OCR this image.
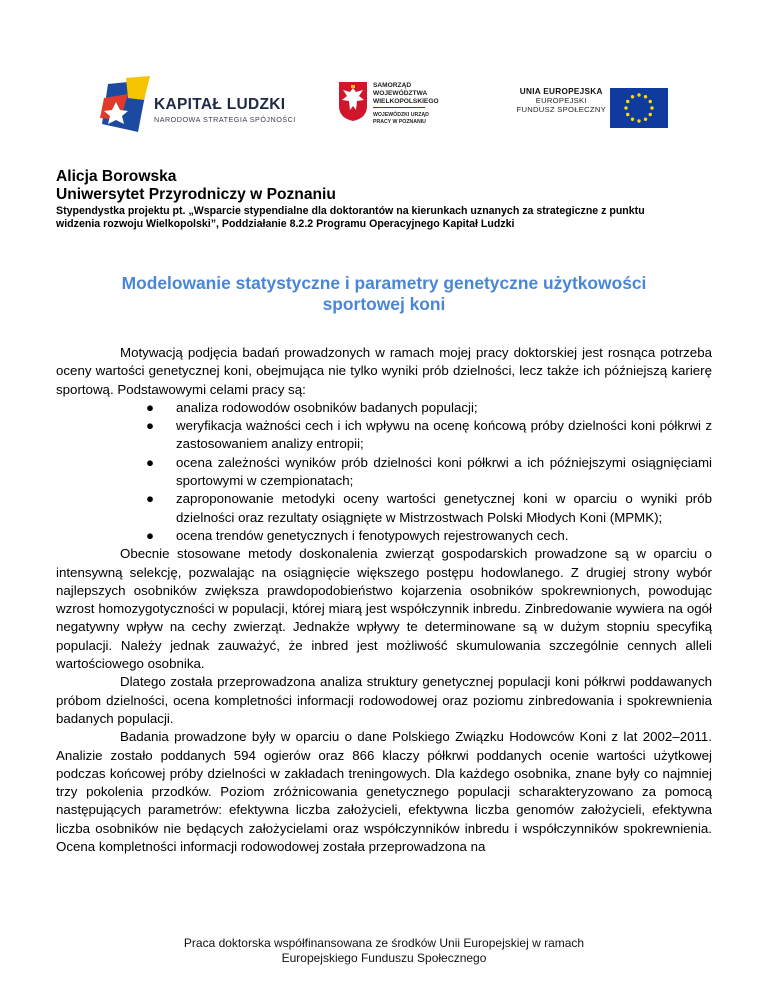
KAPITAŁ LUDZKI
NARODOWA STRATEGIA SPÓJNOŚCI
SAMORZĄD WOJEWÓDZTWA WIELKOPOLSKIEGO
WOJEWÓDZKI URZĄD PRACY W POZNANIU
UNIA EUROPEJSKA
EUROPEJSKI
FUNDUSZ SPOŁECZNY
Alicja Borowska
Uniwersytet Przyrodniczy w Poznaniu
Stypendystka projektu pt. „Wsparcie stypendialne dla doktorantów na kierunkach uznanych za strategiczne z punktu widzenia rozwoju Wielkopolski”, Poddziałanie 8.2.2 Programu Operacyjnego Kapitał Ludzki
Modelowanie statystyczne i parametry genetyczne użytkowości sportowej koni

Motywacją podjęcia badań prowadzonych w ramach mojej pracy doktorskiej jest rosnąca potrzeba oceny wartości genetycznej koni, obejmująca nie tylko wyniki prób dzielności, lecz także ich późniejszą karierę sportową. Podstawowymi celami pracy są:

● analiza rodowodów osobników badanych populacji;
● weryfikacja ważności cech i ich wpływu na ocenę końcową próby dzielności koni półkrwi z zastosowaniem analizy entropii;
● ocena zależności wyników prób dzielności koni półkrwi a ich późniejszymi osiągnięciami sportowymi w czempionatach;
● zaproponowanie metodyki oceny wartości genetycznej koni w oparciu o wyniki prób dzielności oraz rezultaty osiągnięte w Mistrzostwach Polski Młodych Koni (MPMK);
● ocena trendów genetycznych i fenotypowych rejestrowanych cech.

Obecnie stosowane metody doskonalenia zwierząt gospodarskich prowadzone są w oparciu o intensywną selekcję, pozwalając na osiągnięcie większego postępu hodowlanego. Z drugiej strony wybór najlepszych osobników zwiększa prawdopodobieństwo kojarzenia osobników spokrewnionych, powodując wzrost homozygotyczności w populacji, której miarą jest współczynnik inbredu. Zinbredowanie wywiera na ogół negatywny wpływ na cechy zwierząt. Jednakże wpływy te determinowane są w dużym stopniu specyfiką populacji. Należy jednak zauważyć, że inbred jest możliwość skumulowania szczególnie cennych alleli wartościowego osobnika.

Dlatego została przeprowadzona analiza struktury genetycznej populacji koni półkrwi poddawanych próbom dzielności, ocena kompletności informacji rodowodowej oraz poziomu zinbredowania i spokrewnienia badanych populacji.

Badania prowadzone były w oparciu o dane Polskiego Związku Hodowców Koni z lat 2002–2011. Analizie zostało poddanych 594 ogierów oraz 866 klaczy półkrwi poddanych ocenie wartości użytkowej podczas końcowej próby dzielności w zakładach treningowych. Dla każdego osobnika, znane były co najmniej trzy pokolenia przodków. Poziom zróżnicowania genetycznego populacji scharakteryzowano za pomocą następujących parametrów: efektywna liczba założycieli, efektywna liczba genomów założycieli, efektywna liczba osobników nie będących założycielami oraz współczynników inbredu i współczynników spokrewnienia. Ocena kompletności informacji rodowodowej została przeprowadzona na

Praca doktorska współfinansowana ze środków Unii Europejskiej w ramach
Europejskiego Funduszu Społecznego
